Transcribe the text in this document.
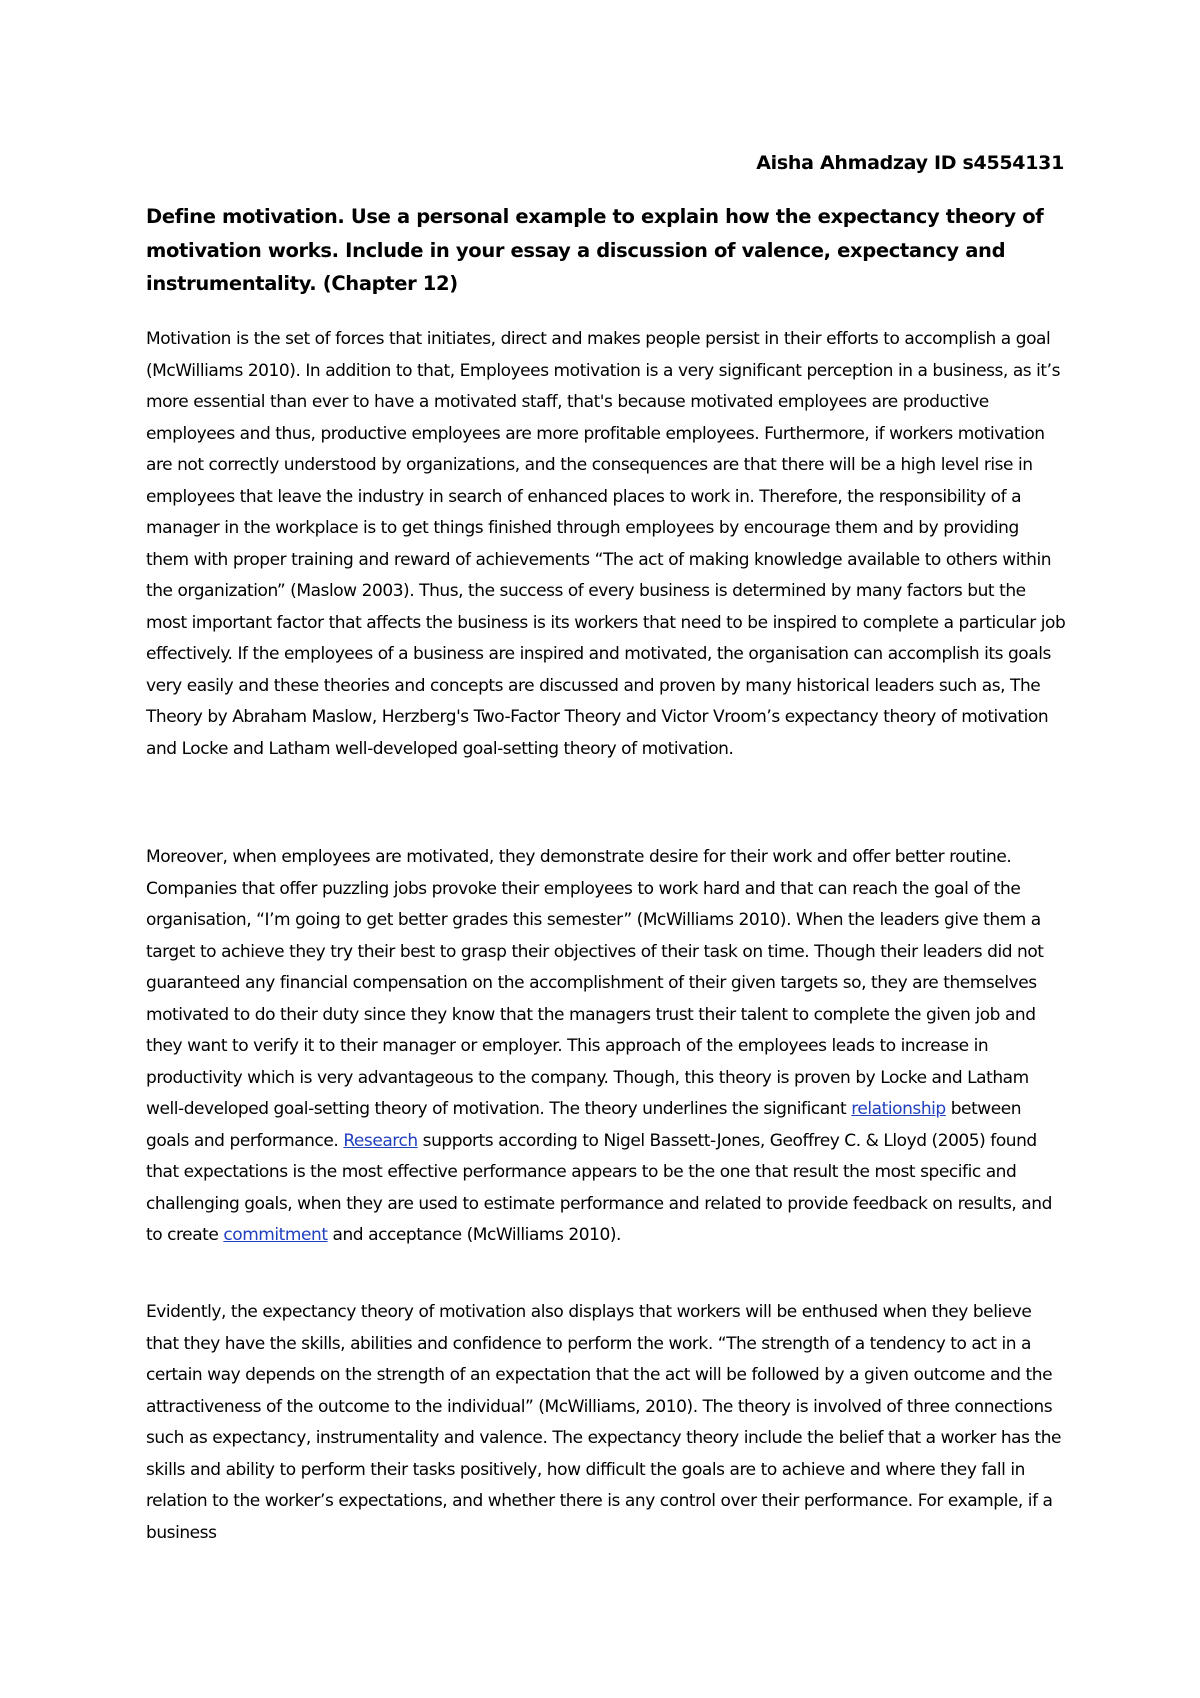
Aisha Ahmadzay ID s4554131

Define motivation. Use a personal example to explain how the expectancy theory of motivation works. Include in your essay a discussion of valence, expectancy and instrumentality. (Chapter 12)

Motivation is the set of forces that initiates, direct and makes people persist in their efforts to accomplish a goal (McWilliams 2010). In addition to that, Employees motivation is a very significant perception in a business, as it’s more essential than ever to have a motivated staff, that's because motivated employees are productive employees and thus, productive employees are more profitable employees. Furthermore, if workers motivation are not correctly understood by organizations, and the consequences are that there will be a high level rise in employees that leave the industry in search of enhanced places to work in. Therefore, the responsibility of a manager in the workplace is to get things finished through employees by encourage them and by providing them with proper training and reward of achievements “The act of making knowledge available to others within the organization” (Maslow 2003). Thus, the success of every business is determined by many factors but the most important factor that affects the business is its workers that need to be inspired to complete a particular job effectively. If the employees of a business are inspired and motivated, the organisation can accomplish its goals very easily and these theories and concepts are discussed and proven by many historical leaders such as, The Theory by Abraham Maslow, Herzberg's Two-Factor Theory and Victor Vroom’s expectancy theory of motivation and Locke and Latham well-developed goal-setting theory of motivation.

Moreover, when employees are motivated, they demonstrate desire for their work and offer better routine. Companies that offer puzzling jobs provoke their employees to work hard and that can reach the goal of the organisation, “I’m going to get better grades this semester” (McWilliams 2010). When the leaders give them a target to achieve they try their best to grasp their objectives of their task on time. Though their leaders did not guaranteed any financial compensation on the accomplishment of their given targets so, they are themselves motivated to do their duty since they know that the managers trust their talent to complete the given job and they want to verify it to their manager or employer. This approach of the employees leads to increase in productivity which is very advantageous to the company. Though, this theory is proven by Locke and Latham well-developed goal-setting theory of motivation. The theory underlines the significant relationship between goals and performance. Research supports according to Nigel Bassett-Jones, Geoffrey C. & Lloyd (2005) found that expectations is the most effective performance appears to be the one that result the most specific and challenging goals, when they are used to estimate performance and related to provide feedback on results, and to create commitment and acceptance (McWilliams 2010).

Evidently, the expectancy theory of motivation also displays that workers will be enthused when they believe that they have the skills, abilities and confidence to perform the work. “The strength of a tendency to act in a certain way depends on the strength of an expectation that the act will be followed by a given outcome and the attractiveness of the outcome to the individual” (McWilliams, 2010). The theory is involved of three connections such as expectancy, instrumentality and valence. The expectancy theory include the belief that a worker has the skills and ability to perform their tasks positively, how difficult the goals are to achieve and where they fall in relation to the worker’s expectations, and whether there is any control over their performance. For example, if a business
